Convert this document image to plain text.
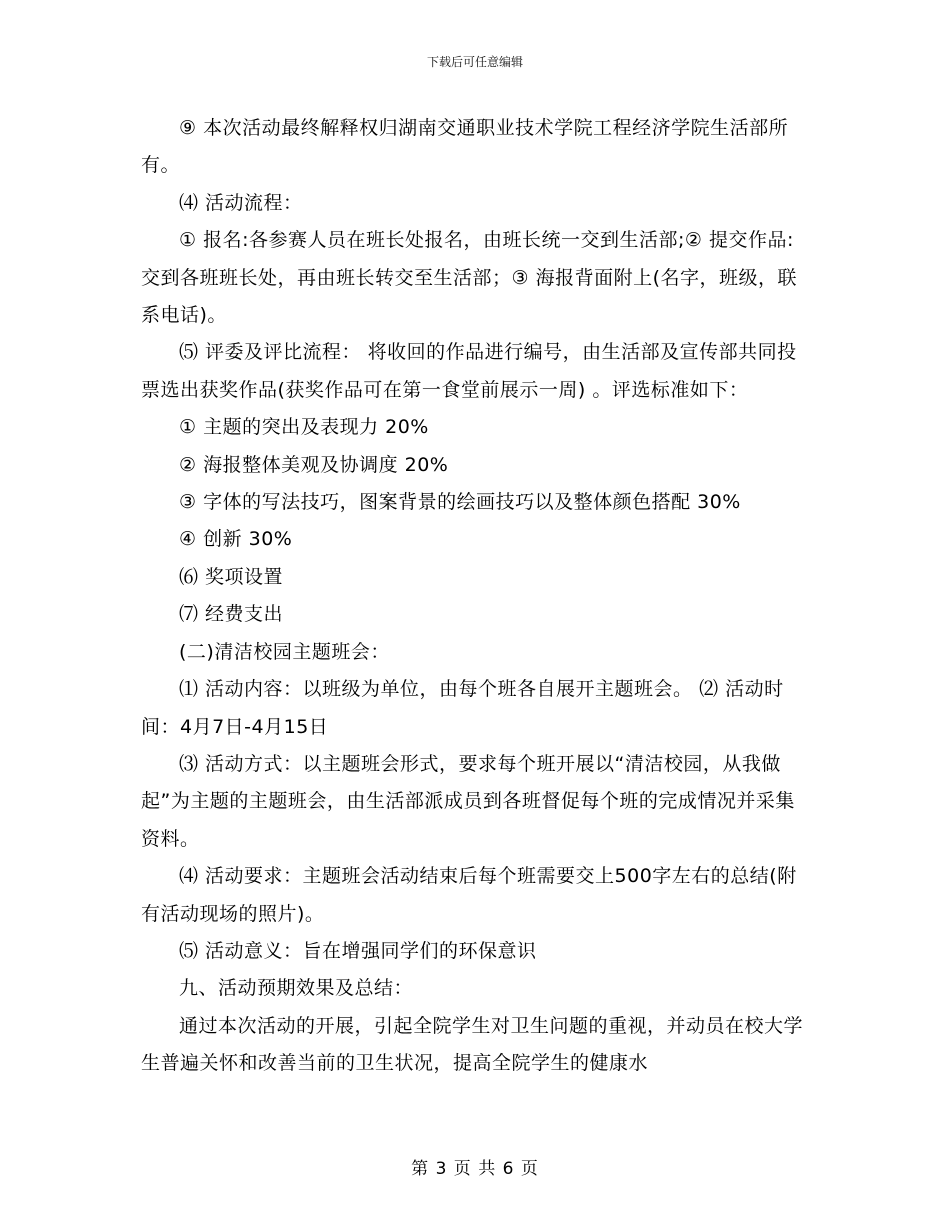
下载后可任意编辑

⑨ 本次活动最终解释权归湖南交通职业技术学院工程经济学院生活部所有。

⑷ 活动流程：

① 报名:各参赛人员在班长处报名，由班长统一交到生活部;② 提交作品:交到各班班长处，再由班长转交至生活部；③ 海报背面附上(名字，班级，联系电话)。

⑸ 评委及评比流程： 将收回的作品进行编号，由生活部及宣传部共同投票选出获奖作品(获奖作品可在第一食堂前展示一周) 。评选标准如下：

① 主题的突出及表现力 20%

② 海报整体美观及协调度 20%

③ 字体的写法技巧，图案背景的绘画技巧以及整体颜色搭配 30%

④ 创新 30%

⑹ 奖项设置

⑺ 经费支出

(二)清洁校园主题班会：

⑴ 活动内容：以班级为单位，由每个班各自展开主题班会。 ⑵ 活动时间：4月7日-4月15日

⑶ 活动方式：以主题班会形式，要求每个班开展以“清洁校园，从我做起”为主题的主题班会，由生活部派成员到各班督促每个班的完成情况并采集资料。

⑷ 活动要求：主题班会活动结束后每个班需要交上500字左右的总结(附有活动现场的照片)。

⑸ 活动意义：旨在增强同学们的环保意识

九、活动预期效果及总结：

通过本次活动的开展，引起全院学生对卫生问题的重视，并动员在校大学生普遍关怀和改善当前的卫生状况，提高全院学生的健康水

第 3 页 共 6 页
